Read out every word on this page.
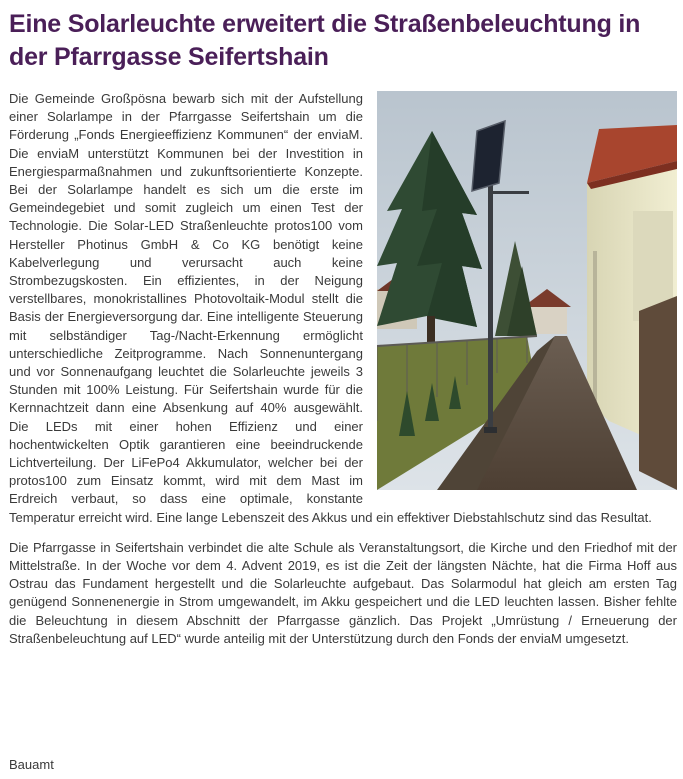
Eine Solarleuchte erweitert die Straßenbeleuchtung in der Pfarrgasse Seifertshain

Die Gemeinde Großpösna bewarb sich mit der Aufstellung einer Solarlampe in der Pfarrgasse Seifertshain um die Förderung „Fonds Energieeffizienz Kommunen“ der enviaM. Die enviaM unterstützt Kommunen bei der Investition in Energiesparmaßnahmen und zukunftsorientierte Konzepte. Bei der Solarlampe handelt es sich um die erste im Gemeindegebiet und somit zugleich um einen Test der Technologie. Die Solar-LED Straßenleuchte protos100 vom Hersteller Photinus GmbH & Co KG benötigt keine Kabelverlegung und verursacht auch keine Strombezugskosten. Ein effizientes, in der Neigung verstellbares, monokristallines Photovoltaik-Modul stellt die Basis der Energieversorgung dar. Eine intelligente Steuerung mit selbständiger Tag-/Nacht-Erkennung ermöglicht unterschiedliche Zeitprogramme. Nach Sonnenuntergang und vor Sonnenaufgang leuchtet die Solarleuchte jeweils 3 Stunden mit 100% Leistung. Für Seifertshain wurde für die Kernnachtzeit dann eine Absenkung auf 40% ausgewählt. Die LEDs mit einer hohen Effizienz und einer hochentwickelten Optik garantieren eine beeindruckende Lichtverteilung. Der LiFePo4 Akkumulator, welcher bei der protos100 zum Einsatz kommt, wird mit dem Mast im Erdreich verbaut, so dass eine optimale, konstante Temperatur erreicht wird. Eine lange Lebenszeit des Akkus und ein effektiver Diebstahlschutz sind das Resultat.

Die Pfarrgasse in Seifertshain verbindet die alte Schule als Veranstaltungsort, die Kirche und den Friedhof mit der Mittelstraße. In der Woche vor dem 4. Advent 2019, es ist die Zeit der längsten Nächte, hat die Firma Hoff aus Ostrau das Fundament hergestellt und die Solarleuchte aufgebaut. Das Solarmodul hat gleich am ersten Tag genügend Sonnenenergie in Strom umgewandelt, im Akku gespeichert und die LED leuchten lassen. Bisher fehlte die Beleuchtung in diesem Abschnitt der Pfarrgasse gänzlich. Das Projekt „Umrüstung / Erneuerung der Straßenbeleuchtung auf LED“ wurde anteilig mit der Unterstützung durch den Fonds der enviaM umgesetzt.

Bauamt
